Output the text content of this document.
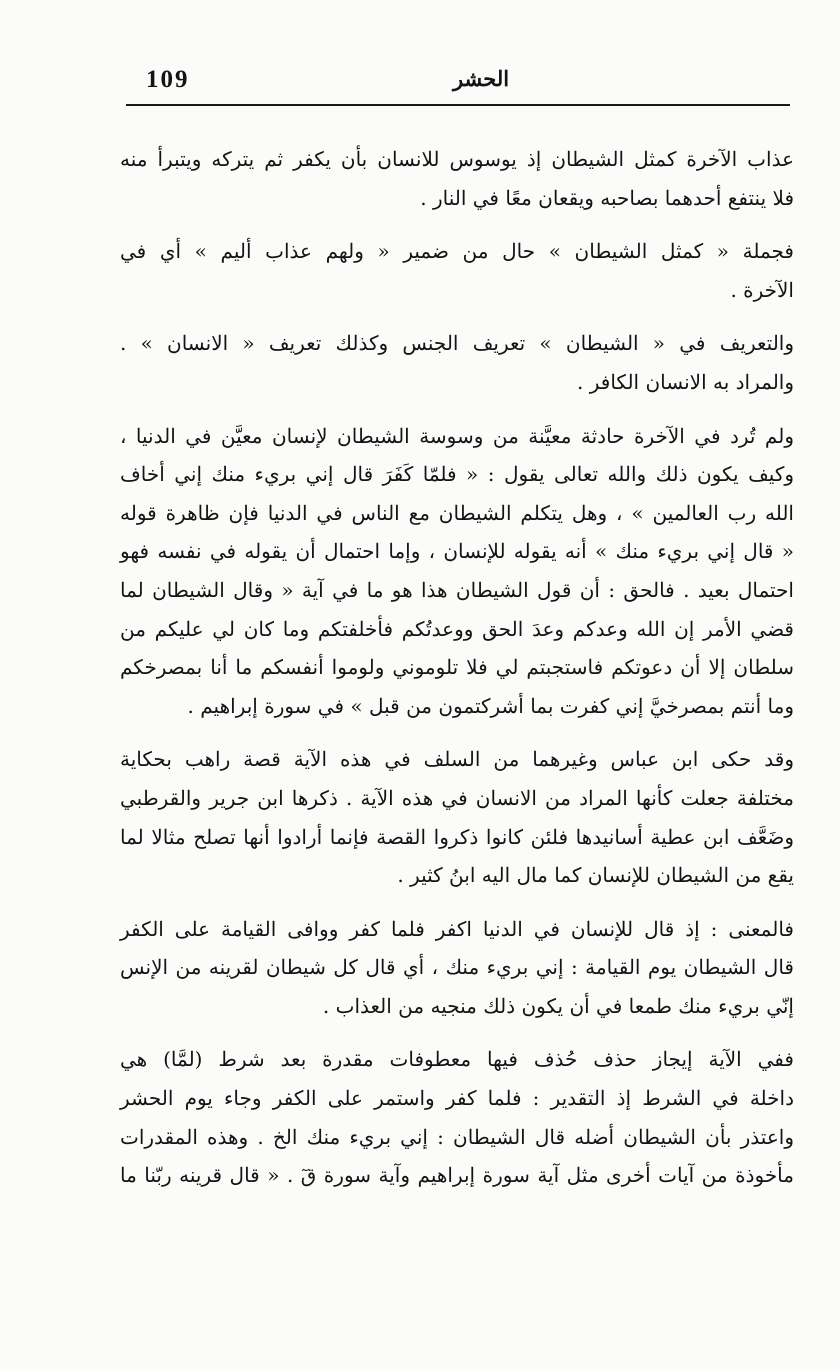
109	الحشر

عذاب الآخرة كمثل الشيطان إذ يوسوس للانسان بأن يكفر ثم يتركه ويتبرأ منه
فلا ينتفع أحدهما بصاحبه ويقعان معًا في النار .

فجملة « كمثل الشيطان » حال من ضمير « ولهم عذاب أليم » أي في
الآخرة .

والتعريف في « الشيطان » تعريف الجنس وكذلك تعريف « الانسان » .
والمراد به الانسان الكافر .

ولم تُرد في الآخرة حادثة معيَّنة من وسوسة الشيطان لإنسان معيَّن في الدنيا ،
وكيف يكون ذلك والله تعالى يقول : « فلمّا كَفَرَ قال إني بريء منك إني أخاف
الله رب العالمين » ، وهل يتكلم الشيطان مع الناس في الدنيا فإن ظاهرة قوله
« قال إني بريء منك » أنه يقوله للإنسان ، وإما احتمال أن يقوله في نفسه فهو
احتمال بعيد . فالحق : أن قول الشيطان هذا هو ما في آية « وقال الشيطان لما
قضي الأمر إن الله وعدكم وعدَ الحق ووعدتُكم فأخلفتكم وما كان لي عليكم من
سلطان إلا أن دعوتكم فاستجبتم لي فلا تلوموني ولوموا أنفسكم ما أنا بمصرخكم
وما أنتم بمصرخيَّ إني كفرت بما أشركتمون من قبل » في سورة إبراهيم .

وقد حكى ابن عباس وغيرهما من السلف في هذه الآية قصة راهب بحكاية
مختلفة جعلت كأنها المراد من الانسان في هذه الآية . ذكرها ابن جرير والقرطبي
وضَعَّف ابن عطية أسانيدها فلئن كانوا ذكروا القصة فإنما أرادوا أنها تصلح مثالا لما
يقع من الشيطان للإنسان كما مال اليه ابنُ كثير .

فالمعنى : إذ قال للإنسان في الدنيا اكفر فلما كفر ووافى القيامة على الكفر
قال الشيطان يوم القيامة : إني بريء منك ، أي قال كل شيطان لقرينه من الإنس
إنّي بريء منك طمعا في أن يكون ذلك منجيه من العذاب .

ففي الآية إيجاز حذف حُذف فيها معطوفات مقدرة بعد شرط (لمَّا) هي
داخلة في الشرط إذ التقدير : فلما كفر واستمر على الكفر وجاء يوم الحشر
واعتذر بأن الشيطان أضله قال الشيطان : إني بريء منك الخ . وهذه المقدرات
مأخوذة من آيات أخرى مثل آية سورة إبراهيم وآية سورة قٓ . « قال قرينه ربّنا ما
